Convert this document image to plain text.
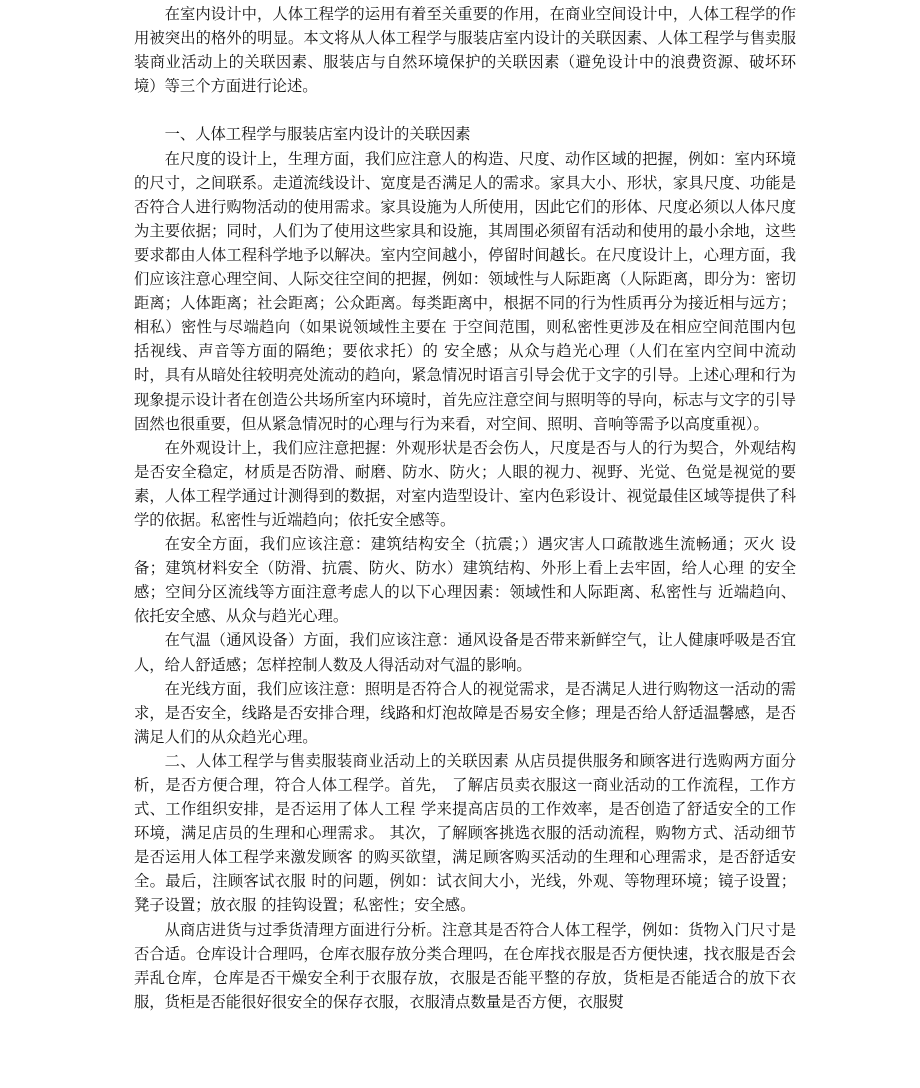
在室内设计中，人体工程学的运用有着至关重要的作用，在商业空间设计中，人体工程学的作用被突出的格外的明显。本文将从人体工程学与服装店室内设计的关联因素、人体工程学与售卖服装商业活动上的关联因素、服装店与自然环境保护的关联因素（避免设计中的浪费资源、破坏环境）等三个方面进行论述。

一、人体工程学与服装店室内设计的关联因素

在尺度的设计上，生理方面，我们应注意人的构造、尺度、动作区域的把握，例如：室内环境的尺寸，之间联系。走道流线设计、宽度是否满足人的需求。家具大小、形状，家具尺度、功能是否符合人进行购物活动的使用需求。家具设施为人所使用，因此它们的形体、尺度必须以人体尺度为主要依据；同时，人们为了使用这些家具和设施，其周围必须留有活动和使用的最小余地，这些要求都由人体工程科学地予以解决。室内空间越小，停留时间越长。在尺度设计上，心理方面，我们应该注意心理空间、人际交往空间的把握，例如：领域性与人际距离（人际距离，即分为：密切距离；人体距离；社会距离；公众距离。每类距离中，根据不同的行为性质再分为接近相与远方；相私）密性与尽端趋向（如果说领域性主要在 于空间范围，则私密性更涉及在相应空间范围内包括视线、声音等方面的隔绝；要依求托）的 安全感；从众与趋光心理（人们在室内空间中流动时，具有从暗处往较明亮处流动的趋向，紧急情况时语言引导会优于文字的引导。上述心理和行为现象提示设计者在创造公共场所室内环境时，首先应注意空间与照明等的导向，标志与文字的引导固然也很重要，但从紧急情况时的心理与行为来看，对空间、照明、音响等需予以高度重视）。

在外观设计上，我们应注意把握：外观形状是否会伤人，尺度是否与人的行为契合，外观结构是否安全稳定，材质是否防滑、耐磨、防水、防火；人眼的视力、视野、光觉、色觉是视觉的要素，人体工程学通过计测得到的数据，对室内造型设计、室内色彩设计、视觉最佳区域等提供了科学的依据。私密性与近端趋向；依托安全感等。

在安全方面，我们应该注意：建筑结构安全（抗震；）遇灾害人口疏散逃生流畅通；灭火 设备；建筑材料安全（防滑、抗震、防火、防水）建筑结构、外形上看上去牢固，给人心理 的安全感；空间分区流线等方面注意考虑人的以下心理因素：领域性和人际距离、私密性与 近端趋向、依托安全感、从众与趋光心理。

在气温（通风设备）方面，我们应该注意：通风设备是否带来新鲜空气，让人健康呼吸是否宜人，给人舒适感；怎样控制人数及人得活动对气温的影响。

在光线方面，我们应该注意：照明是否符合人的视觉需求，是否满足人进行购物这一活动的需求，是否安全，线路是否安排合理，线路和灯泡故障是否易安全修；理是否给人舒适温馨感，是否满足人们的从众趋光心理。

二、人体工程学与售卖服装商业活动上的关联因素 从店员提供服务和顾客进行选购两方面分析，是否方便合理，符合人体工程学。首先， 了解店员卖衣服这一商业活动的工作流程，工作方式、工作组织安排，是否运用了体人工程 学来提高店员的工作效率，是否创造了舒适安全的工作环境，满足店员的生理和心理需求。 其次，了解顾客挑选衣服的活动流程，购物方式、活动细节是否运用人体工程学来激发顾客 的购买欲望，满足顾客购买活动的生理和心理需求，是否舒适安全。最后，注顾客试衣服 时的问题，例如：试衣间大小，光线，外观、等物理环境；镜子设置；凳子设置；放衣服 的挂钩设置；私密性；安全感。

从商店进货与过季货清理方面进行分析。注意其是否符合人体工程学，例如：货物入门尺寸是否合适。仓库设计合理吗，仓库衣服存放分类合理吗，在仓库找衣服是否方便快速，找衣服是否会弄乱仓库，仓库是否干燥安全利于衣服存放，衣服是否能平整的存放，货柜是否能适合的放下衣服，货柜是否能很好很安全的保存衣服，衣服清点数量是否方便，衣服熨
